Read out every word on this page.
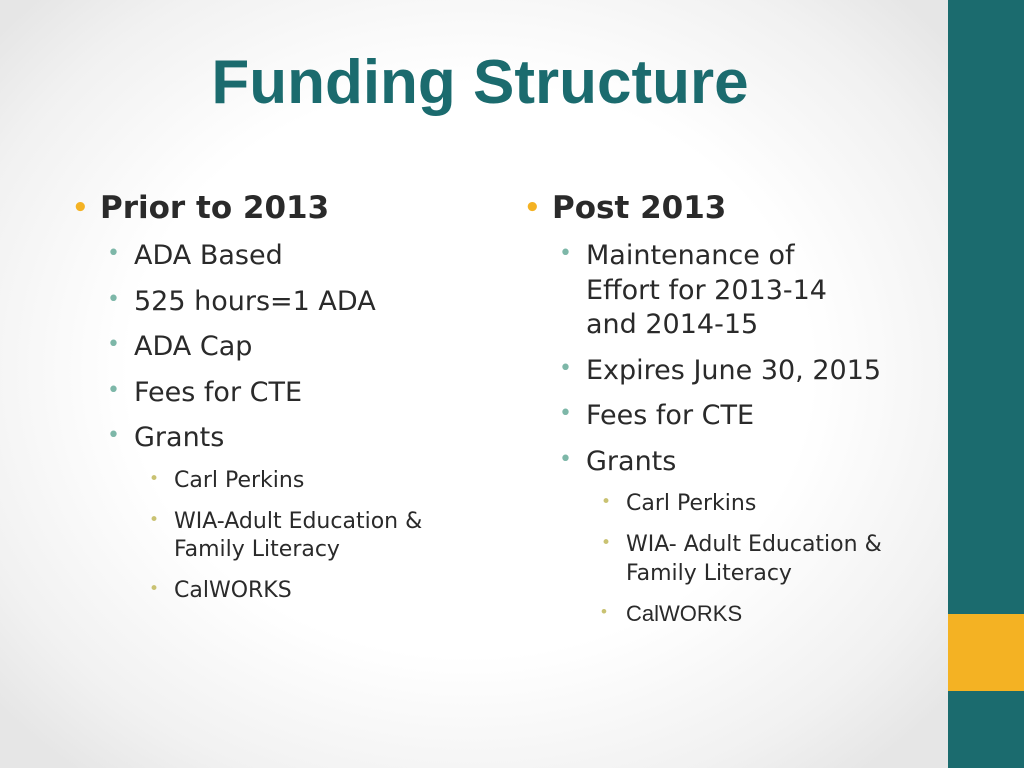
Funding Structure
• Prior to 2013
• ADA Based
• 525 hours=1 ADA
• ADA Cap
• Fees for CTE
• Grants
• Carl Perkins
• WIA-Adult Education & Family Literacy
• CalWORKS
• Post 2013
• Maintenance of Effort for 2013-14 and 2014-15
• Expires June 30, 2015
• Fees for CTE
• Grants
• Carl Perkins
• WIA- Adult Education & Family Literacy
• CalWORKS
